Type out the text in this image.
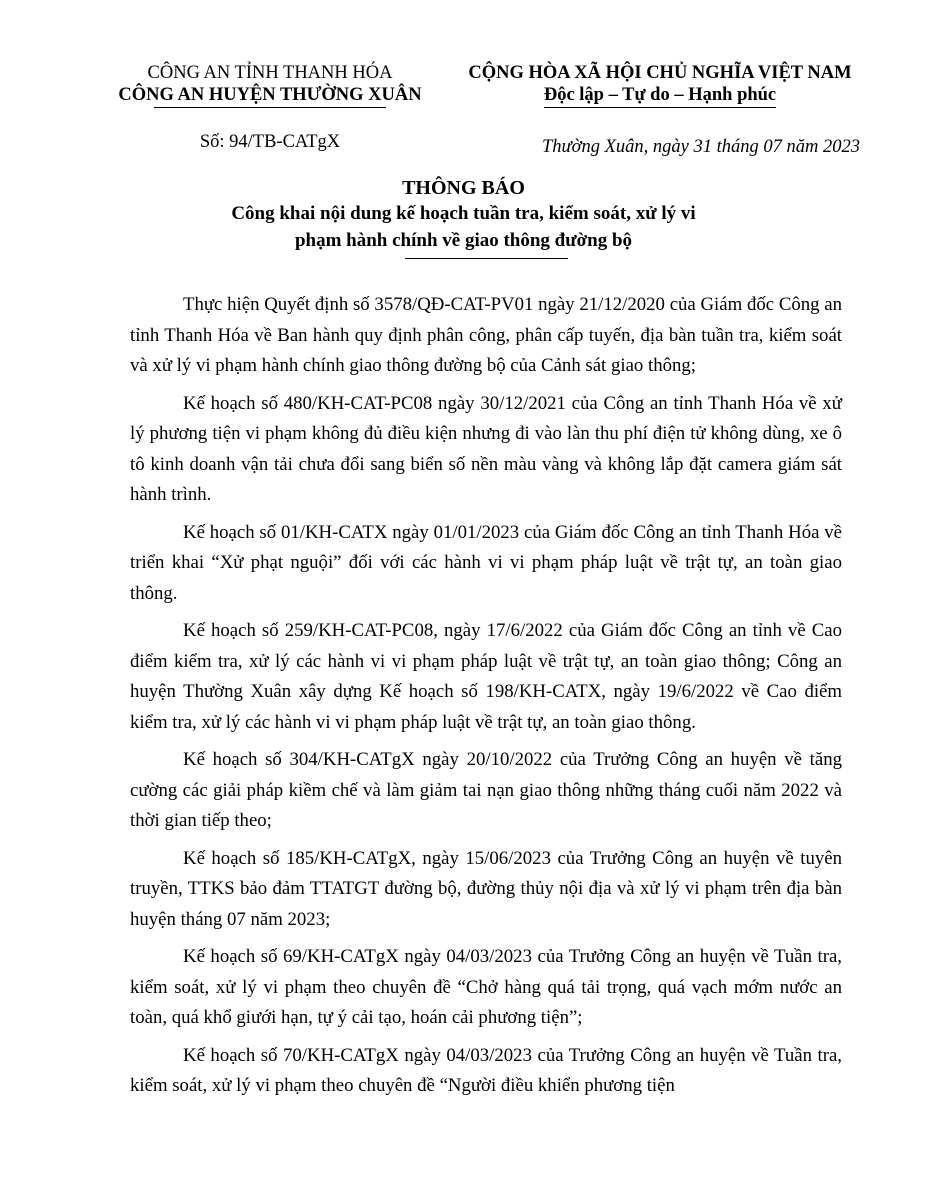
CÔNG AN TỈNH THANH HÓA
CÔNG AN HUYỆN THƯỜNG XUÂN
CỘNG HÒA XÃ HỘI CHỦ NGHĨA VIỆT NAM
Độc lập – Tự do – Hạnh phúc
Số: 94/TB-CATgX	Thường Xuân, ngày 31 tháng 07 năm 2023
THÔNG BÁO
Công khai nội dung kế hoạch tuần tra, kiểm soát, xử lý vi
phạm hành chính về giao thông đường bộ

Thực hiện Quyết định số 3578/QĐ-CAT-PV01 ngày 21/12/2020 của Giám đốc Công an tỉnh Thanh Hóa về Ban hành quy định phân công, phân cấp tuyến, địa bàn tuần tra, kiểm soát và xử lý vi phạm hành chính giao thông đường bộ của Cảnh sát giao thông;

Kế hoạch số 480/KH-CAT-PC08 ngày 30/12/2021 của Công an tỉnh Thanh Hóa về xử lý phương tiện vi phạm không đủ điều kiện nhưng đi vào làn thu phí điện tử không dùng, xe ô tô kinh doanh vận tải chưa đổi sang biển số nền màu vàng và không lắp đặt camera giám sát hành trình.

Kế hoạch số 01/KH-CATX ngày 01/01/2023 của Giám đốc Công an tỉnh Thanh Hóa về triển khai “Xử phạt nguội” đối với các hành vi vi phạm pháp luật về trật tự, an toàn giao thông.

Kế hoạch số 259/KH-CAT-PC08, ngày 17/6/2022 của Giám đốc Công an tỉnh về Cao điểm kiểm tra, xử lý các hành vi vi phạm pháp luật về trật tự, an toàn giao thông; Công an huyện Thường Xuân xây dựng Kế hoạch số 198/KH-CATX, ngày 19/6/2022 về Cao điểm kiểm tra, xử lý các hành vi vi phạm pháp luật về trật tự, an toàn giao thông.

Kế hoạch số 304/KH-CATgX ngày 20/10/2022 của Trưởng Công an huyện về tăng cường các giải pháp kiềm chế và làm giảm tai nạn giao thông những tháng cuối năm 2022 và thời gian tiếp theo;

Kế hoạch số 185/KH-CATgX, ngày 15/06/2023 của Trưởng Công an huyện về tuyên truyền, TTKS bảo đảm TTATGT đường bộ, đường thủy nội địa và xử lý vi phạm trên địa bàn huyện tháng 07 năm 2023;

Kế hoạch số 69/KH-CATgX ngày 04/03/2023 của Trưởng Công an huyện về Tuần tra, kiểm soát, xử lý vi phạm theo chuyên đề “Chở hàng quá tải trọng, quá vạch mớm nước an toàn, quá khổ giưới hạn, tự ý cải tạo, hoán cải phương tiện”;

Kế hoạch số 70/KH-CATgX ngày 04/03/2023 của Trưởng Công an huyện về Tuần tra, kiểm soát, xử lý vi phạm theo chuyên đề “Người điều khiển phương tiện
